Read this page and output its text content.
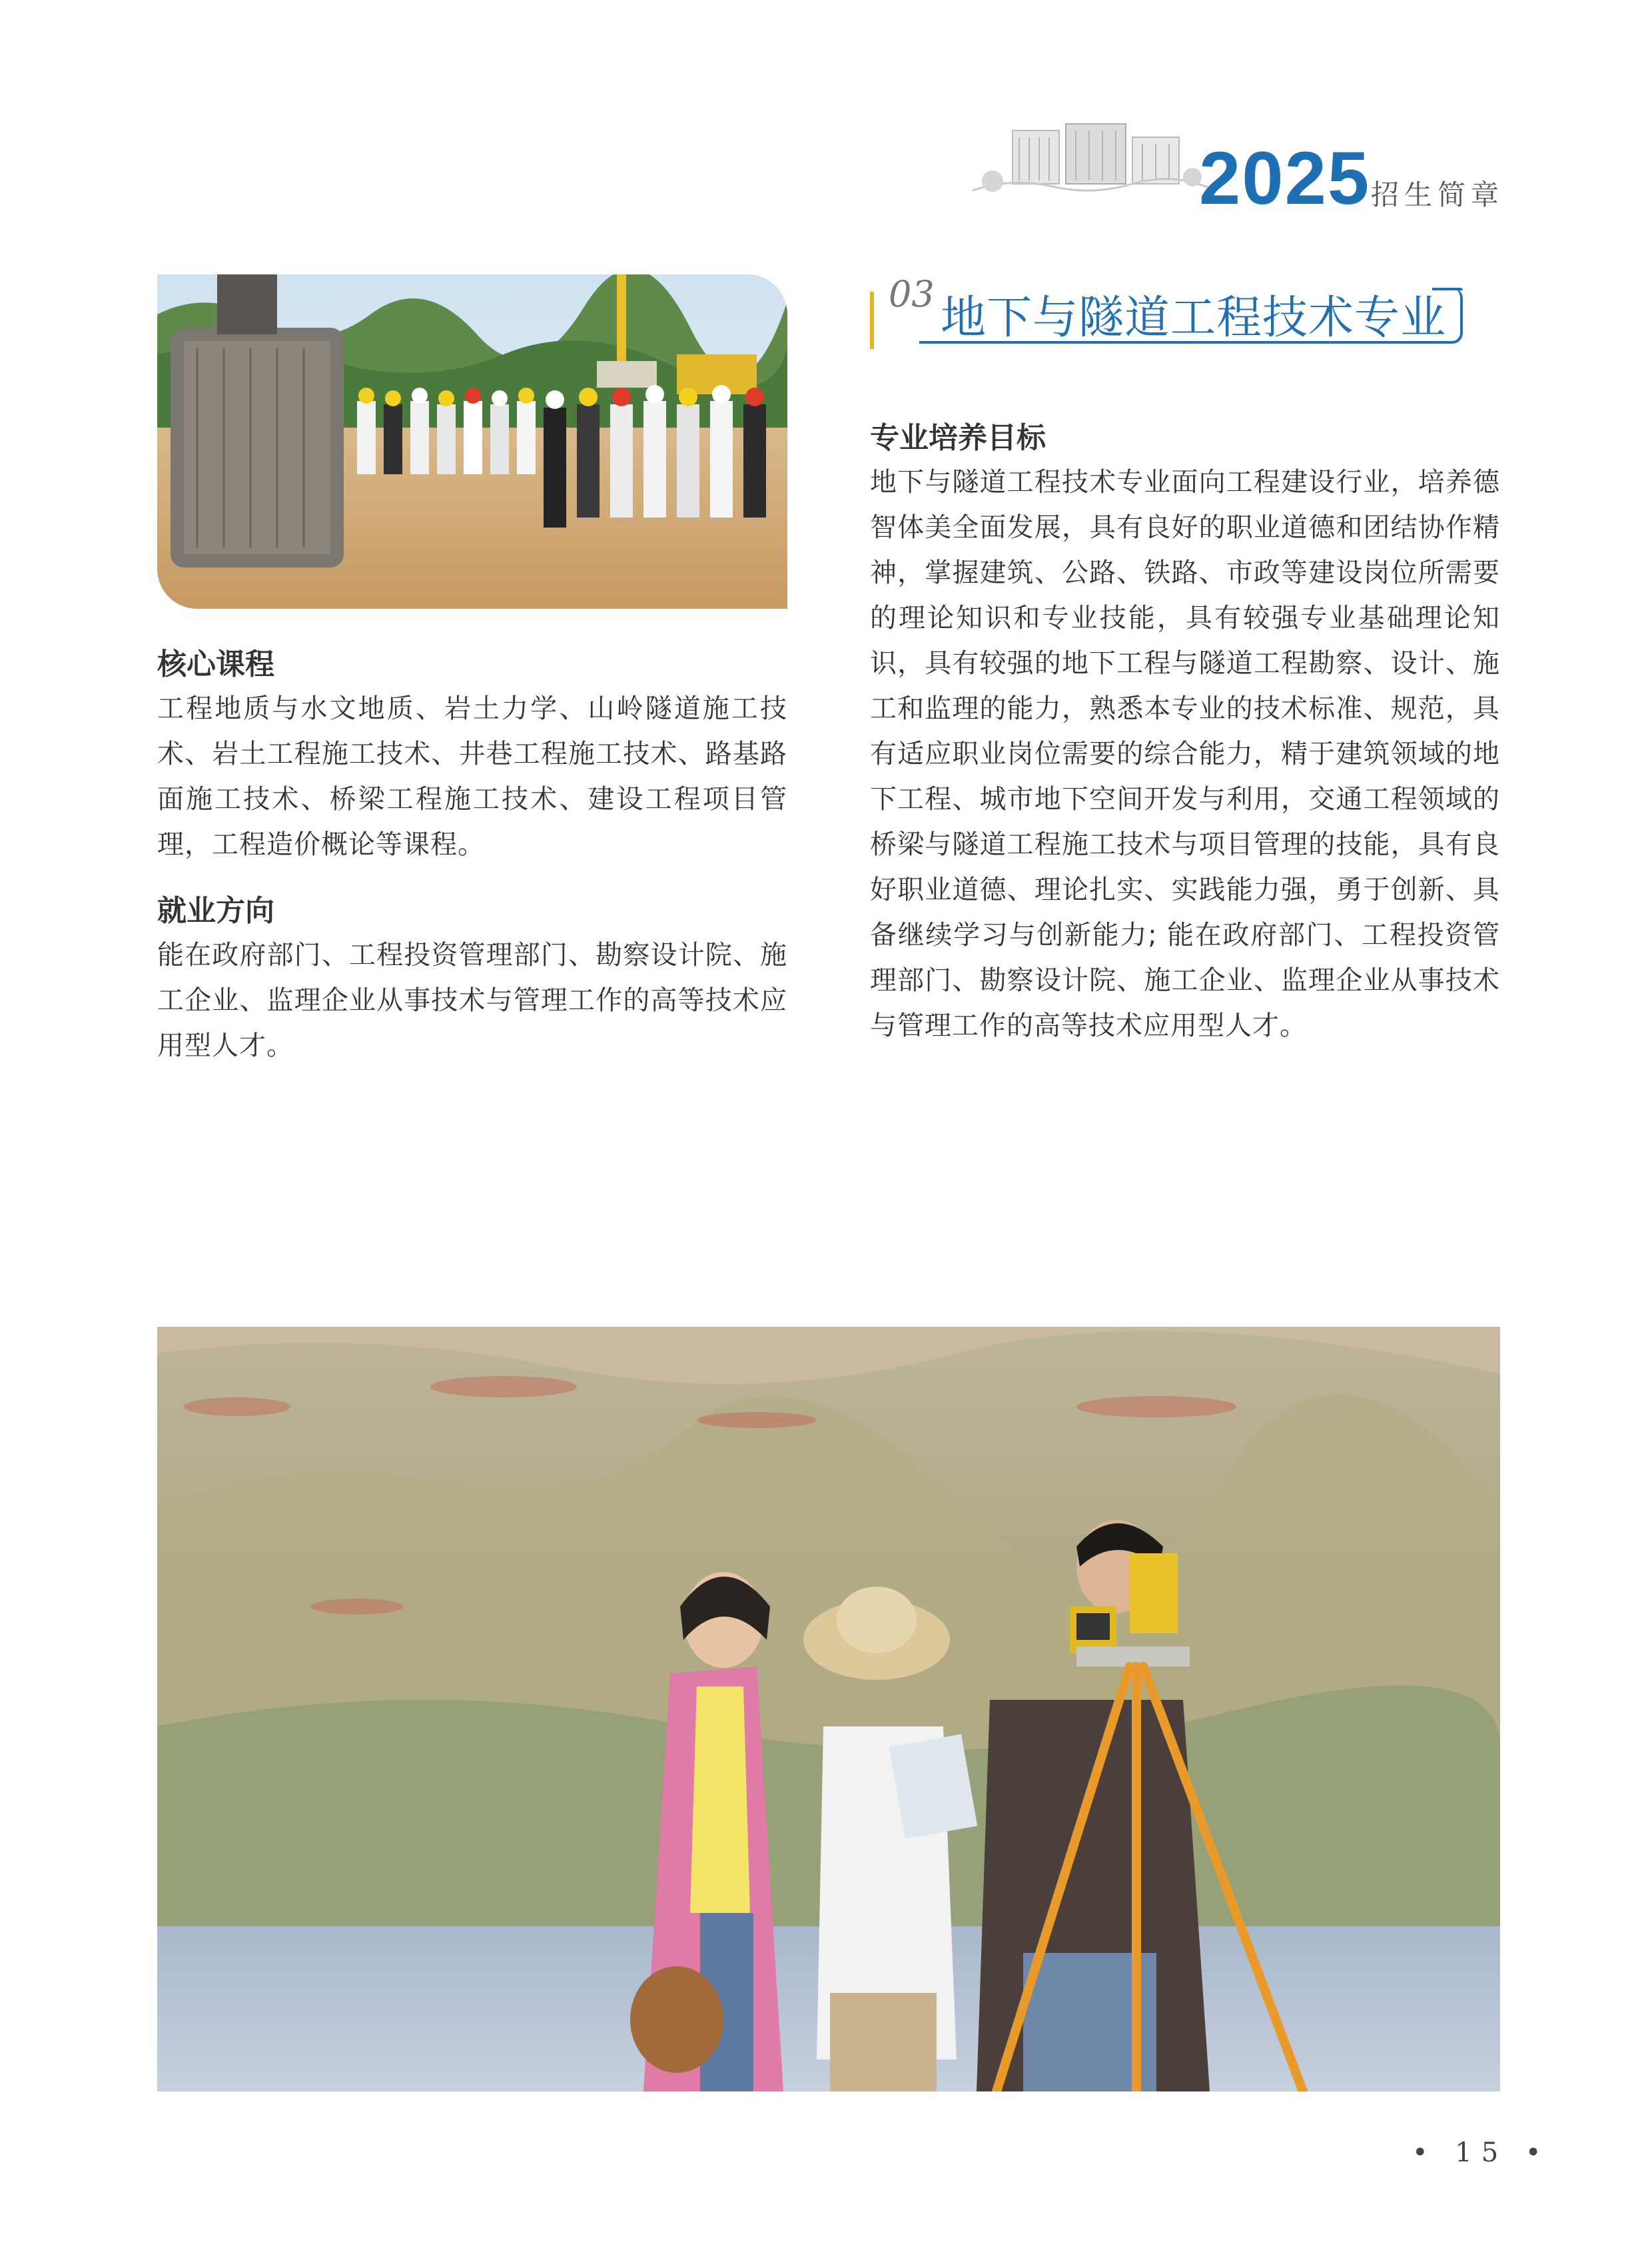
2025 招生简章
03 地下与隧道工程技术专业
专业培养目标
地下与隧道工程技术专业面向工程建设行业，培养德智体美全面发展，具有良好的职业道德和团结协作精神，掌握建筑、公路、铁路、市政等建设岗位所需要的理论知识和专业技能，具有较强专业基础理论知识，具有较强的地下工程与隧道工程勘察、设计、施工和监理的能力，熟悉本专业的技术标准、规范，具有适应职业岗位需要的综合能力，精于建筑领域的地下工程、城市地下空间开发与利用，交通工程领域的桥梁与隧道工程施工技术与项目管理的技能，具有良好职业道德、理论扎实、实践能力强，勇于创新、具备继续学习与创新能力; 能在政府部门、工程投资管理部门、勘察设计院、施工企业、监理企业从事技术与管理工作的高等技术应用型人才。
核心课程
工程地质与水文地质、岩土力学、山岭隧道施工技术、岩土工程施工技术、井巷工程施工技术、路基路面施工技术、桥梁工程施工技术、建设工程项目管理，工程造价概论等课程。
就业方向
能在政府部门、工程投资管理部门、勘察设计院、施工企业、监理企业从事技术与管理工作的高等技术应用型人才。
• 15 •
